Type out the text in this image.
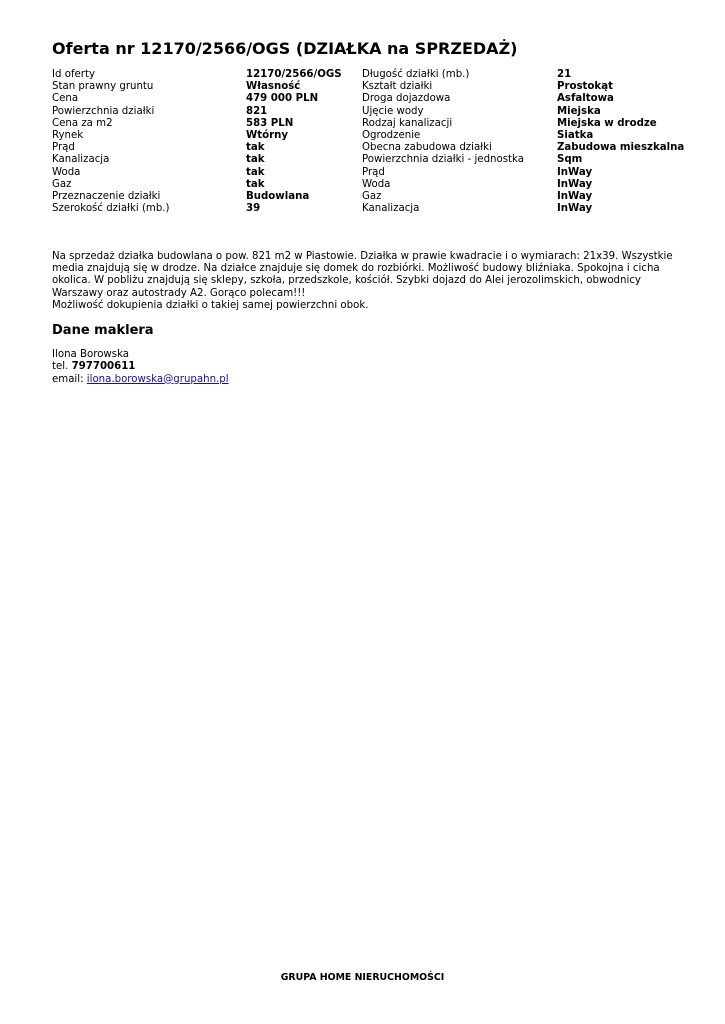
Oferta nr 12170/2566/OGS (DZIAŁKA na SPRZEDAŻ)
Id oferty
Stan prawny gruntu
Cena
Powierzchnia działki
Cena za m2
Rynek
Prąd
Kanalizacja
Woda
Gaz
Przeznaczenie działki
Szerokość działki (mb.)
12170/2566/OGS
Własność
479 000 PLN
821
583 PLN
Wtórny
tak
tak
tak
tak
Budowlana
39
Długość działki (mb.)
Kształt działki
Droga dojazdowa
Ujęcie wody
Rodzaj kanalizacji
Ogrodzenie
Obecna zabudowa działki
Powierzchnia działki - jednostka
Prąd
Woda
Gaz
Kanalizacja
21
Prostokąt
Asfaltowa
Miejska
Miejska w drodze
Siatka
Zabudowa mieszkalna
Sqm
InWay
InWay
InWay
InWay

Na sprzedaż działka budowlana o pow. 821 m2 w Piastowie. Działka w prawie kwadracie i o wymiarach: 21x39. Wszystkie media znajdują się w drodze. Na działce znajduje się domek do rozbiórki. Możliwość budowy bliźniaka. Spokojna i cicha okolica. W pobliżu znajdują się sklepy, szkoła, przedszkole, kościół. Szybki dojazd do Alei jerozolimskich, obwodnicy Warszawy oraz autostrady A2. Gorąco polecam!!!

Możliwość dokupienia działki o takiej samej powierzchni obok.

Dane maklera
Ilona Borowska
tel. 797700611
email: ilona.borowska@grupahn.pl
GRUPA HOME NIERUCHOMOŚCI
